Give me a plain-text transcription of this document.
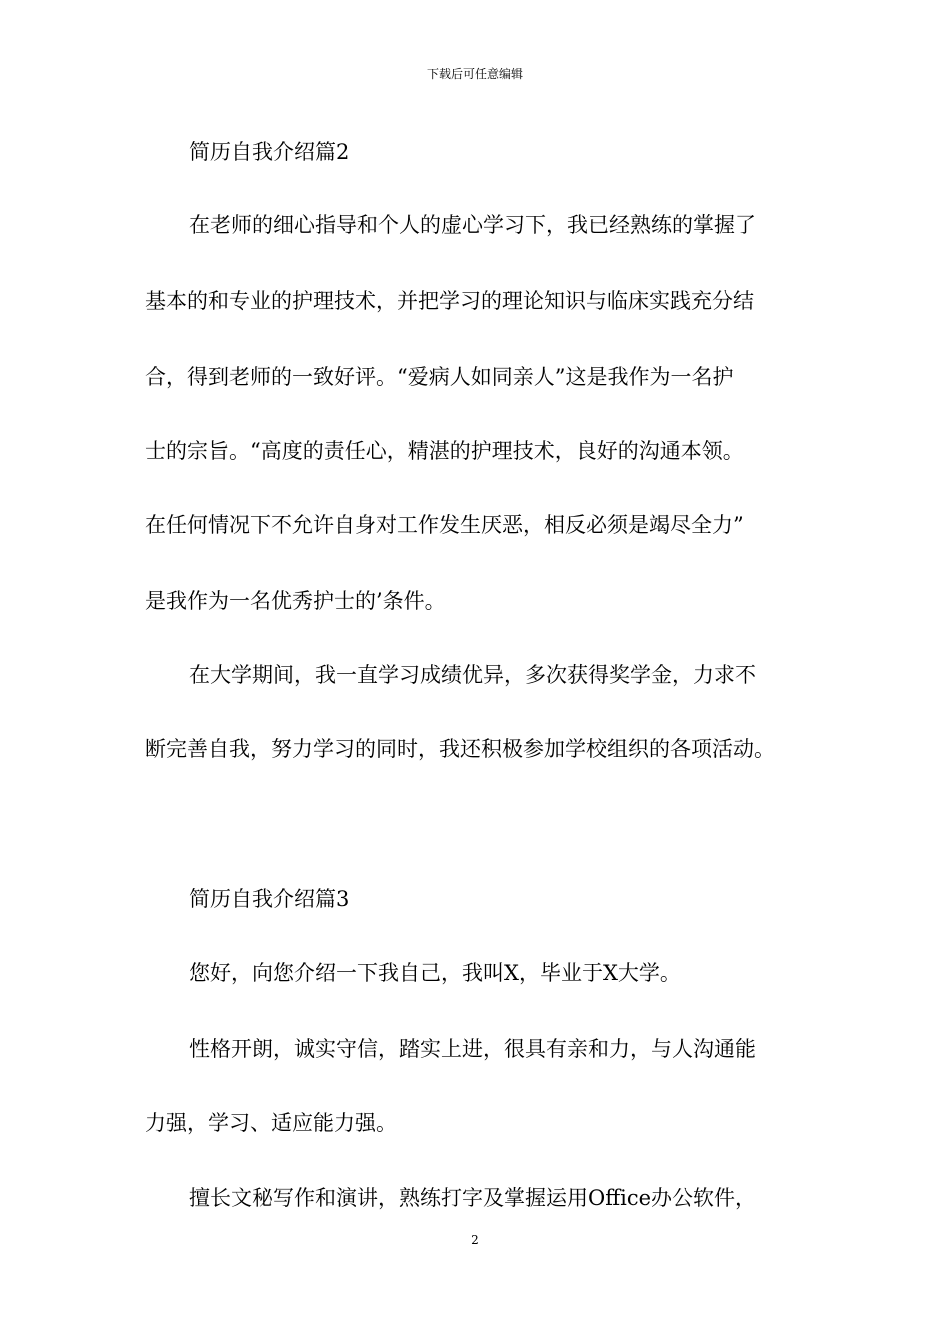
下载后可任意编辑
简历自我介绍篇2
在老师的细心指导和个人的虚心学习下，我已经熟练的掌握了
基本的和专业的护理技术，并把学习的理论知识与临床实践充分结
合，得到老师的一致好评。“爱病人如同亲人”这是我作为一名护
士的宗旨。“高度的责任心，精湛的护理技术，良好的沟通本领。
在任何情况下不允许自身对工作发生厌恶，相反必须是竭尽全力”
是我作为一名优秀护士的’条件。
在大学期间，我一直学习成绩优异，多次获得奖学金，力求不
断完善自我，努力学习的同时，我还积极参加学校组织的各项活动。
简历自我介绍篇3
您好，向您介绍一下我自己，我叫X，毕业于X大学。
性格开朗，诚实守信，踏实上进，很具有亲和力，与人沟通能
力强，学习、适应能力强。
擅长文秘写作和演讲，熟练打字及掌握运用Office办公软件，
2
